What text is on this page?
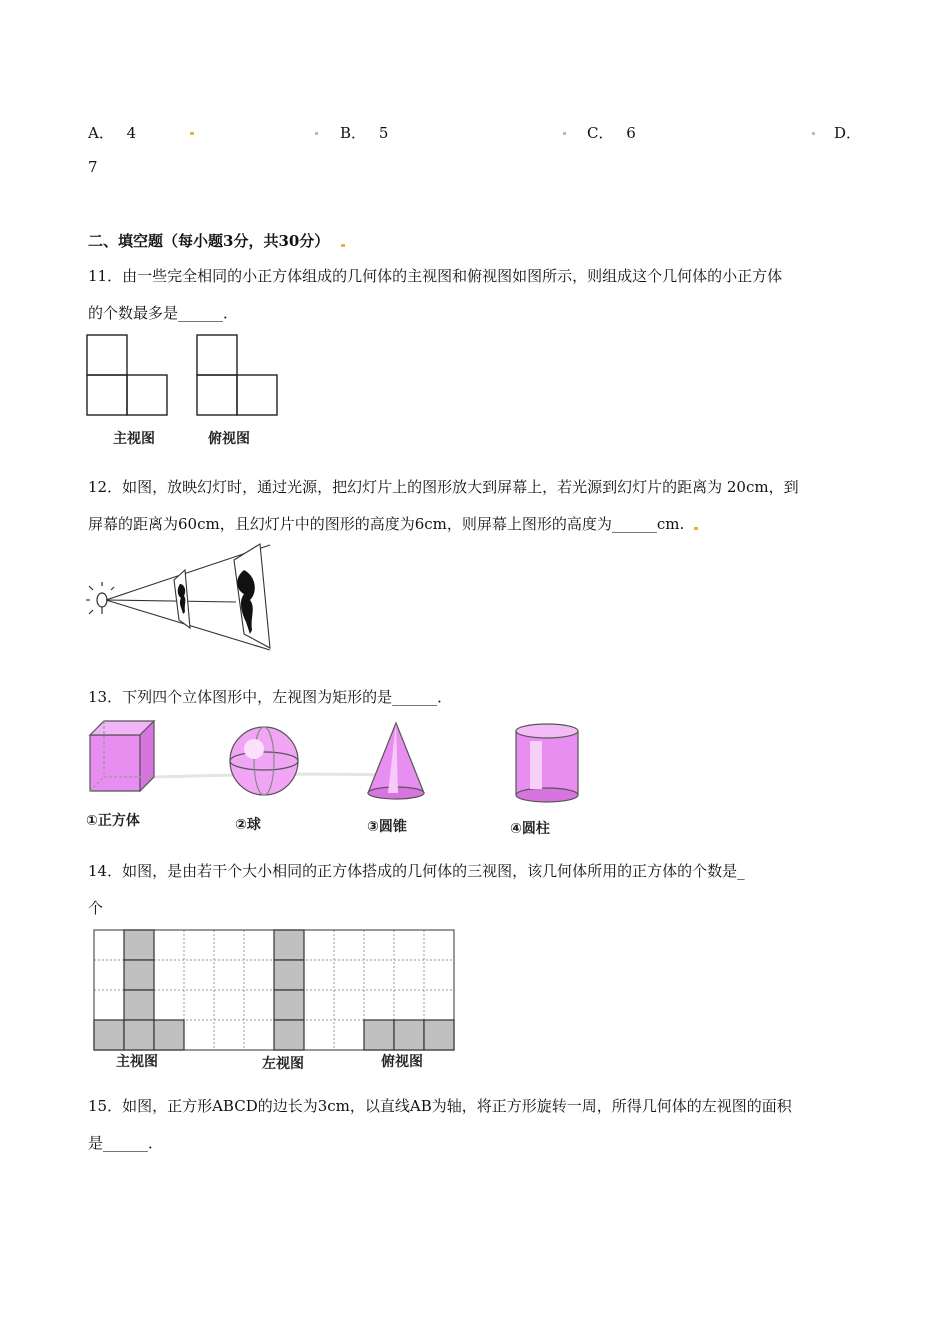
A． 4	B． 5	C． 6	D．
7
二、填空题（每小题3分，共30分）
11．由一些完全相同的小正方体组成的几何体的主视图和俯视图如图所示，则组成这个几何体的小正方体
的个数最多是______．
主视图	俯视图
12．如图，放映幻灯时，通过光源，把幻灯片上的图形放大到屏幕上，若光源到幻灯片的距离为 20cm，到
屏幕的距离为60cm，且幻灯片中的图形的高度为6cm，则屏幕上图形的高度为______cm.
13．下列四个立体图形中，左视图为矩形的是______．
①正方体	②球	③圆锥	④圆柱
14．如图，是由若干个大小相同的正方体搭成的几何体的三视图，该几何体所用的正方体的个数是_
个
主视图	左视图	俯视图
15．如图，正方形ABCD的边长为3cm，以直线AB为轴，将正方形旋转一周，所得几何体的左视图的面积
是______．
